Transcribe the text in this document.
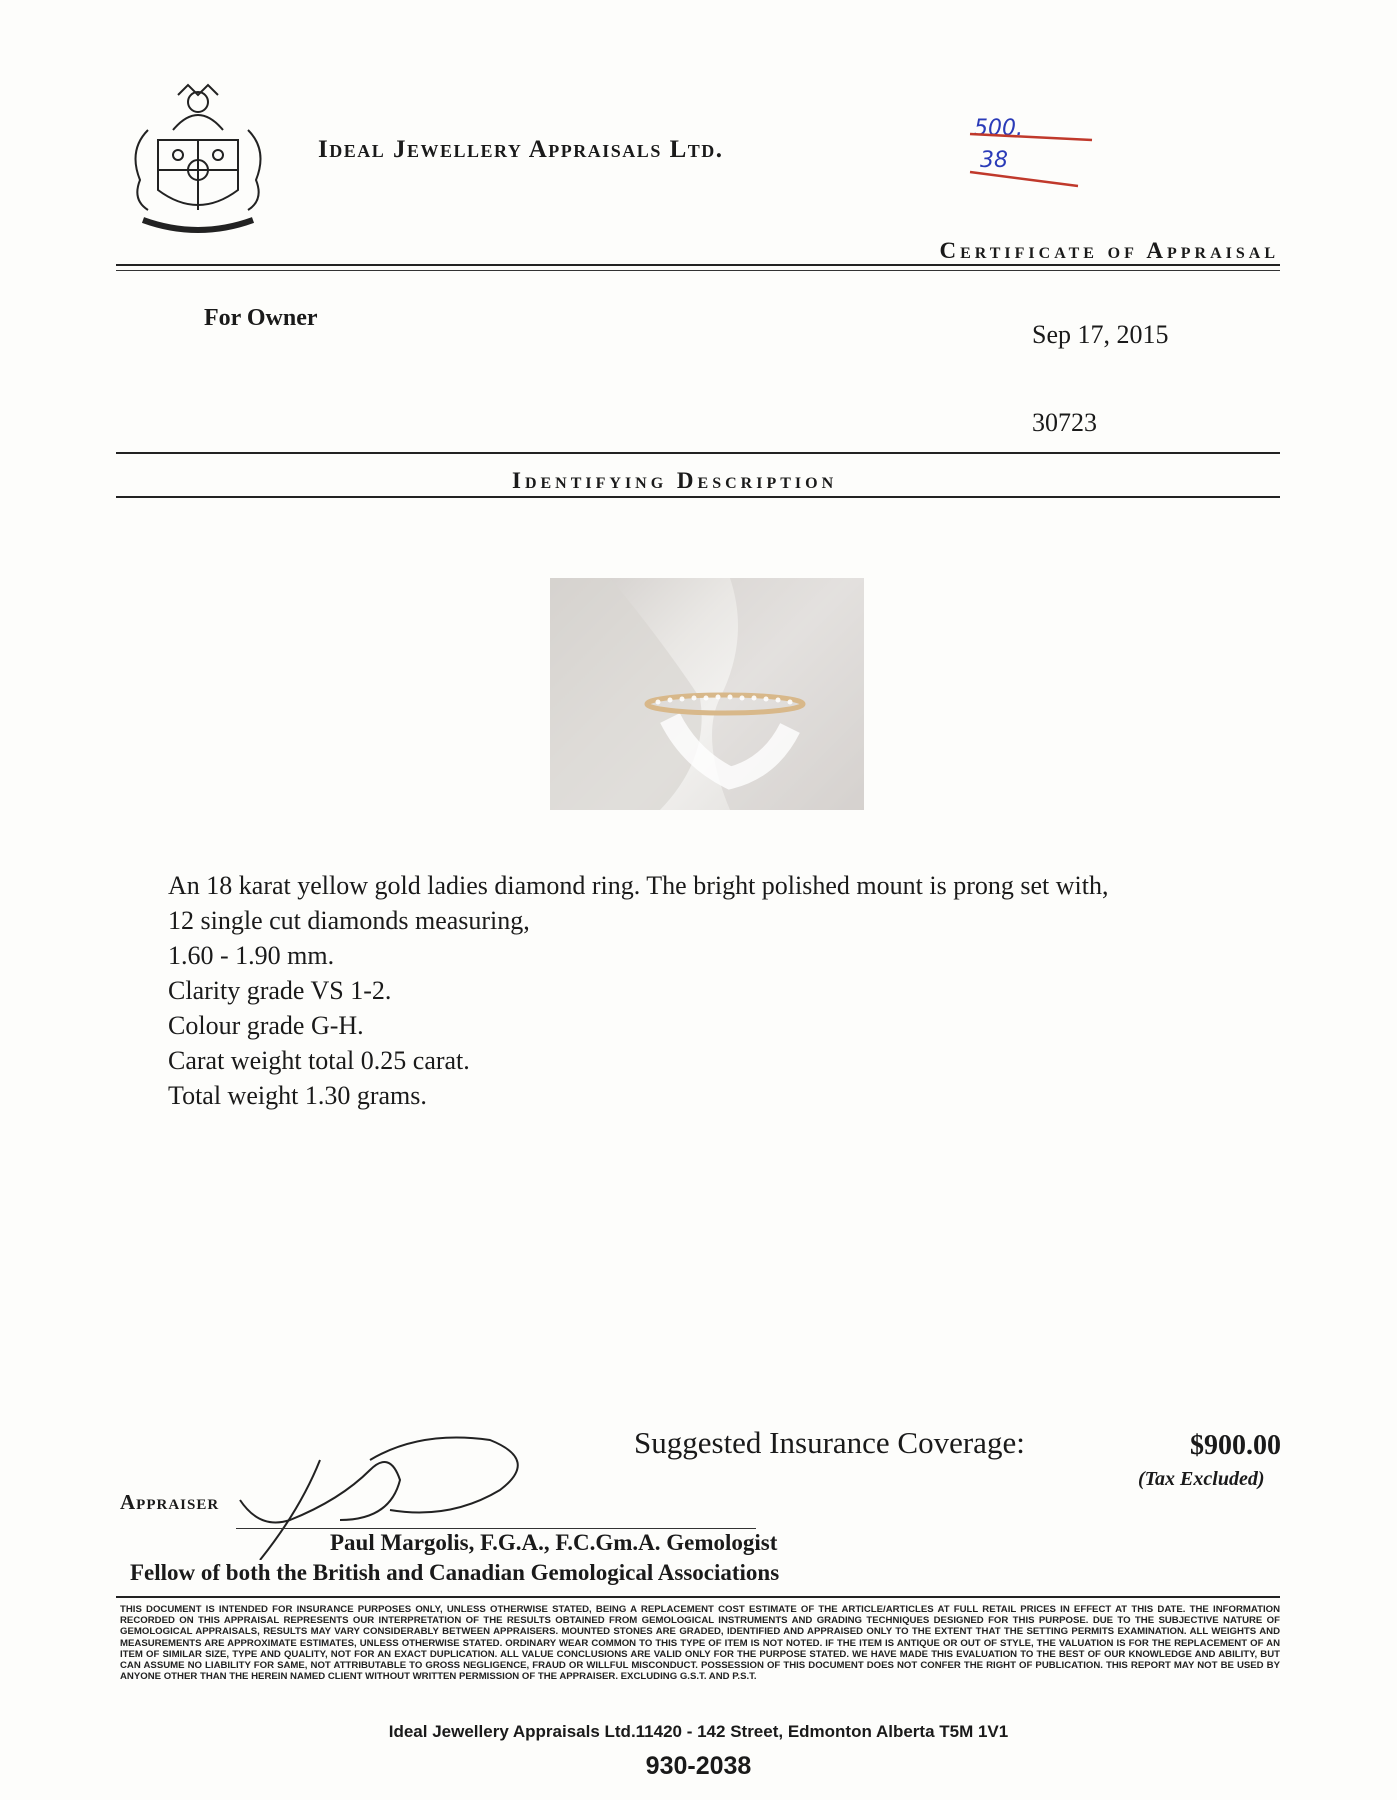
Ideal Jewellery Appraisals Ltd.
500.
38
Certificate of Appraisal
For Owner
Sep 17, 2015
30723
Identifying Description
An 18 karat yellow gold ladies diamond ring. The bright polished mount is prong set with,
12 single cut diamonds measuring,
1.60 - 1.90 mm.
Clarity grade VS 1-2.
Colour grade G-H.
Carat weight total 0.25 carat.
Total weight 1.30 grams.
Suggested Insurance Coverage:	$900.00
(Tax Excluded)
Appraiser
Paul Margolis, F.G.A., F.C.Gm.A. Gemologist
Fellow of both the British and Canadian Gemological Associations

THIS DOCUMENT IS INTENDED FOR INSURANCE PURPOSES ONLY, UNLESS OTHERWISE STATED, BEING A REPLACEMENT COST ESTIMATE OF THE ARTICLE/ARTICLES AT FULL RETAIL PRICES IN EFFECT AT THIS DATE. THE INFORMATION RECORDED ON THIS APPRAISAL REPRESENTS OUR INTERPRETATION OF THE RESULTS OBTAINED FROM GEMOLOGICAL INSTRUMENTS AND GRADING TECHNIQUES DESIGNED FOR THIS PURPOSE. DUE TO THE SUBJECTIVE NATURE OF GEMOLOGICAL APPRAISALS, RESULTS MAY VARY CONSIDERABLY BETWEEN APPRAISERS. MOUNTED STONES ARE GRADED, IDENTIFIED AND APPRAISED ONLY TO THE EXTENT THAT THE SETTING PERMITS EXAMINATION. ALL WEIGHTS AND MEASUREMENTS ARE APPROXIMATE ESTIMATES, UNLESS OTHERWISE STATED. ORDINARY WEAR COMMON TO THIS TYPE OF ITEM IS NOT NOTED. IF THE ITEM IS ANTIQUE OR OUT OF STYLE, THE VALUATION IS FOR THE REPLACEMENT OF AN ITEM OF SIMILAR SIZE, TYPE AND QUALITY, NOT FOR AN EXACT DUPLICATION. ALL VALUE CONCLUSIONS ARE VALID ONLY FOR THE PURPOSE STATED. WE HAVE MADE THIS EVALUATION TO THE BEST OF OUR KNOWLEDGE AND ABILITY, BUT CAN ASSUME NO LIABILITY FOR SAME, NOT ATTRIBUTABLE TO GROSS NEGLIGENCE, FRAUD OR WILLFUL MISCONDUCT. POSSESSION OF THIS DOCUMENT DOES NOT CONFER THE RIGHT OF PUBLICATION. THIS REPORT MAY NOT BE USED BY ANYONE OTHER THAN THE HEREIN NAMED CLIENT WITHOUT WRITTEN PERMISSION OF THE APPRAISER. EXCLUDING G.S.T. AND P.S.T.

Ideal Jewellery Appraisals Ltd.11420 - 142 Street, Edmonton Alberta T5M 1V1
930-2038
